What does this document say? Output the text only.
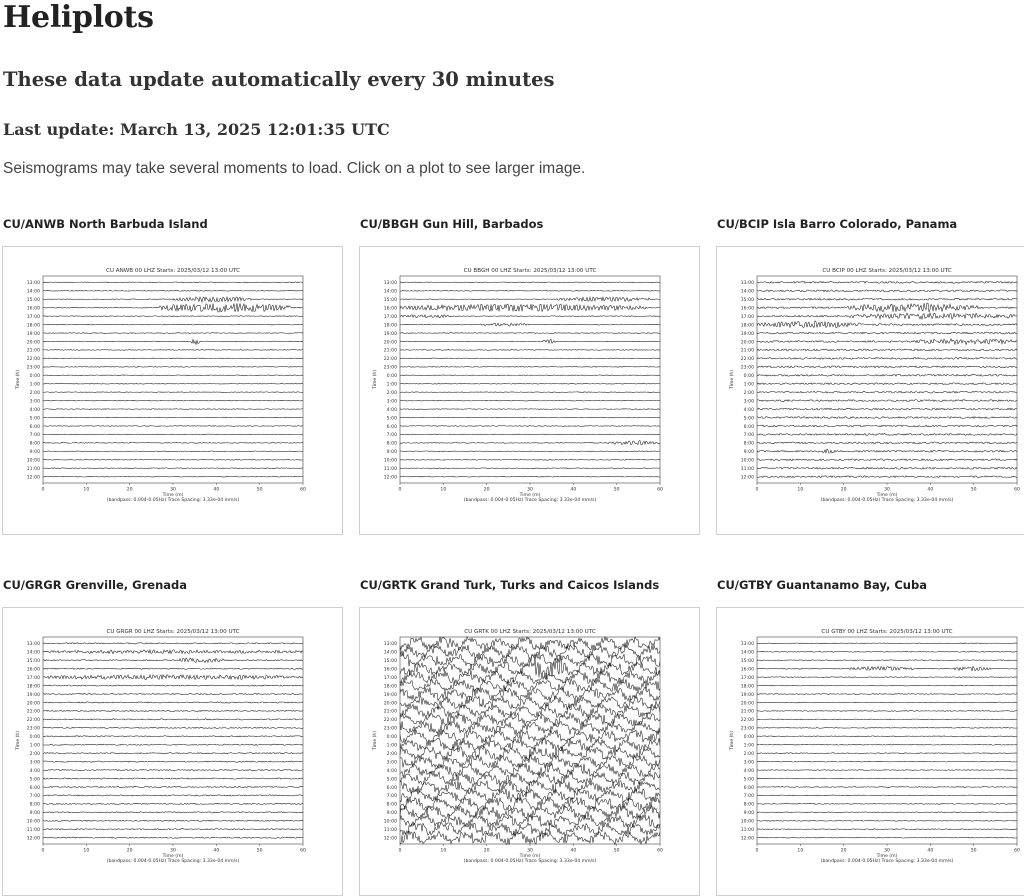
Heliplots
These data update automatically every 30 minutes
Last update: March 13, 2025 12:01:35 UTC

Seismograms may take several moments to load. Click on a plot to see larger image.

CU/ANWB North Barbuda Island
CU ANWB 00 LHZ Starts: 2025/03/12 13:00 UTC
13:00
14:00
15:00
16:00
17:00
18:00
19:00
20:00
21:00
22:00
23:00
0:00
1:00
2:00
3:00
4:00
5:00
6:00
7:00
8:00
9:00
10:00
11:00
12:00
0	10	20	30	40	50	60
Time (m)
(bandpass: 0.004-0.05Hz) Trace Spacing: 3.33e-04 mm/s)
Time (h)
CU/BBGH Gun Hill, Barbados
CU BBGH 00 LHZ Starts: 2025/03/12 13:00 UTC
13:00
14:00
15:00
16:00
17:00
18:00
19:00
20:00
21:00
22:00
23:00
0:00
1:00
2:00
3:00
4:00
5:00
6:00
7:00
8:00
9:00
10:00
11:00
12:00
0	10	20	30	40	50	60
Time (m)
(bandpass: 0.004-0.05Hz) Trace Spacing: 3.33e-04 mm/s)
Time (h)
CU/BCIP Isla Barro Colorado, Panama
CU BCIP 00 LHZ Starts: 2025/03/12 13:00 UTC
13:00
14:00
15:00
16:00
17:00
18:00
19:00
20:00
21:00
22:00
23:00
0:00
1:00
2:00
3:00
4:00
5:00
6:00
7:00
8:00
9:00
10:00
11:00
12:00
0	10	20	30	40	50	60
Time (m)
(bandpass: 0.004-0.05Hz) Trace Spacing: 3.33e-04 mm/s)
Time (h)
CU/GRGR Grenville, Grenada
CU GRGR 00 LHZ Starts: 2025/03/12 13:00 UTC
13:00
14:00
15:00
16:00
17:00
18:00
19:00
20:00
21:00
22:00
23:00
0:00
1:00
2:00
3:00
4:00
5:00
6:00
7:00
8:00
9:00
10:00
11:00
12:00
0	10	20	30	40	50	60
Time (m)
(bandpass: 0.004-0.05Hz) Trace Spacing: 3.33e-04 mm/s)
Time (h)
CU/GRTK Grand Turk, Turks and Caicos Islands
CU GRTK 00 LHZ Starts: 2025/03/12 13:00 UTC
13:00
14:00
15:00
16:00
17:00
18:00
19:00
20:00
21:00
22:00
23:00
0:00
1:00
2:00
3:00
4:00
5:00
6:00
7:00
8:00
9:00
10:00
11:00
12:00
0	10	20	30	40	50	60
Time (m)
(bandpass: 0.004-0.05Hz) Trace Spacing: 3.33e-04 mm/s)
Time (h)
CU/GTBY Guantanamo Bay, Cuba
CU GTBY 00 LHZ Starts: 2025/03/12 13:00 UTC
13:00
14:00
15:00
16:00
17:00
18:00
19:00
20:00
21:00
22:00
23:00
0:00
1:00
2:00
3:00
4:00
5:00
6:00
7:00
8:00
9:00
10:00
11:00
12:00
0	10	20	30	40	50	60
Time (m)
(bandpass: 0.004-0.05Hz) Trace Spacing: 3.33e-04 mm/s)
Time (h)
